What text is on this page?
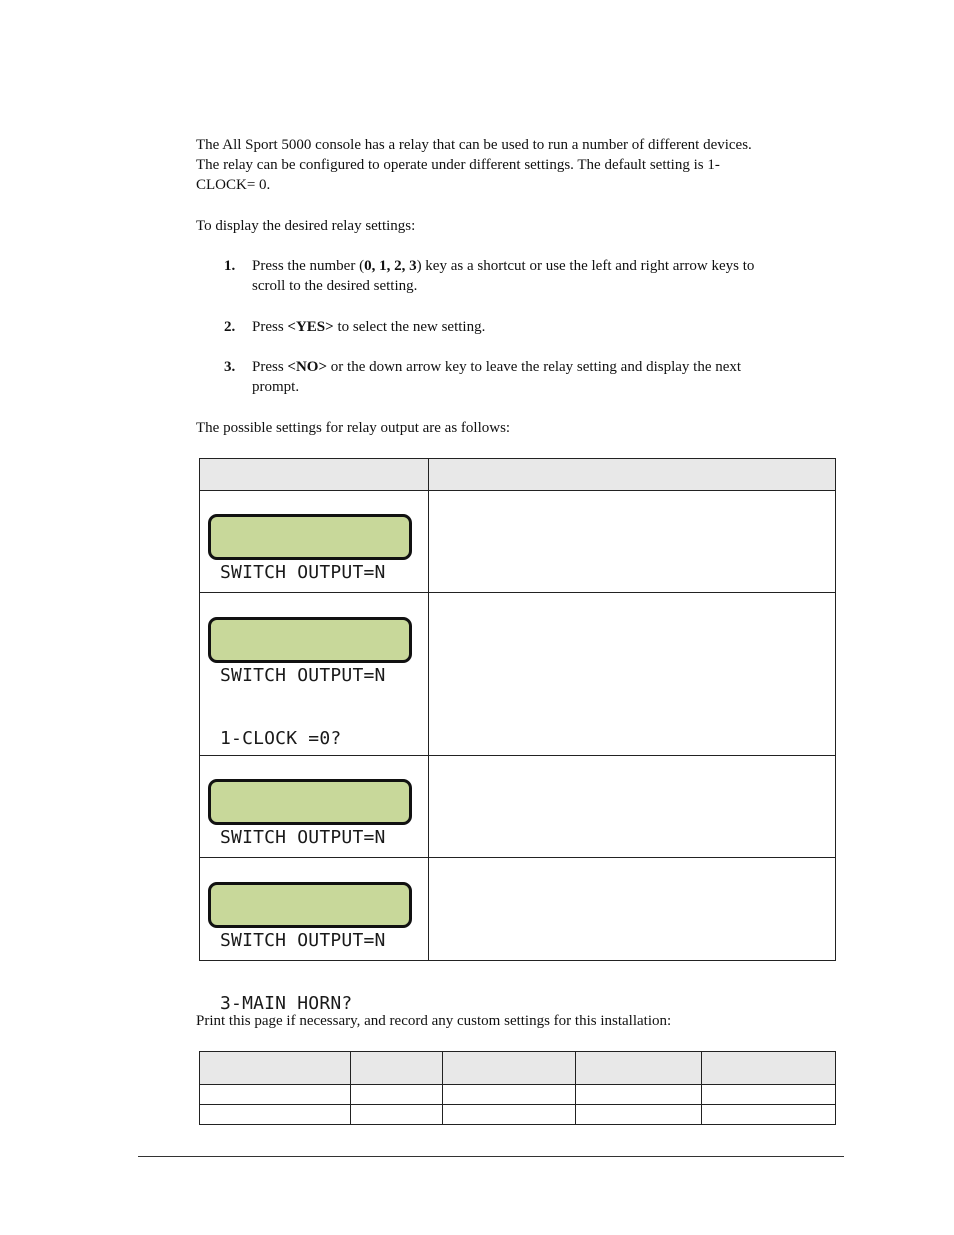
The All Sport 5000 console has a relay that can be used to run a number of different devices.
The relay can be configured to operate under different settings. The default setting is 1-
CLOCK= 0.

To display the desired relay settings:

1. Press the number (0, 1, 2, 3) key as a shortcut or use the left and right arrow keys to
scroll to the desired setting.
2. Press <YES> to select the new setting.
3. Press <NO> or the down arrow key to leave the relay setting and display the next
prompt.

The possible settings for relay output are as follows:

SWITCH OUTPUT=N	

SWITCH OUTPUT=N

1-CLOCK =0?	

SWITCH OUTPUT=N	

SWITCH OUTPUT=N

3-MAIN HORN?	

Print this page if necessary, and record any custom settings for this installation:
